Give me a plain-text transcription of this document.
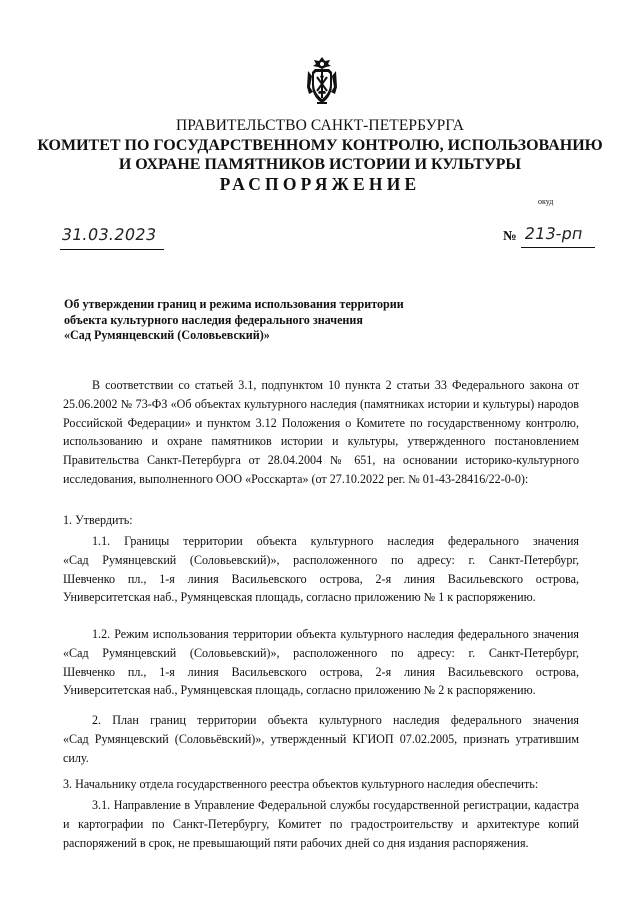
ПРАВИТЕЛЬСТВО САНКТ-ПЕТЕРБУРГА
КОМИТЕТ ПО ГОСУДАРСТВЕННОМУ КОНТРОЛЮ, ИСПОЛЬЗОВАНИЮ
И ОХРАНЕ ПАМЯТНИКОВ ИСТОРИИ И КУЛЬТУРЫ
РАСПОРЯЖЕНИЕ
окуд
31.03.2023	№ 213-рп
Об утверждении границ и режима использования территории
объекта культурного наследия федерального значения
«Сад Румянцевский (Соловьевский)»
В соответствии со статьей 3.1, подпунктом 10 пункта 2 статьи 33 Федерального закона от
25.06.2002 № 73-ФЗ «Об объектах культурного наследия (памятниках истории и культуры) народов
Российской Федерации» и пунктом 3.12 Положения о Комитете по государственному контролю,
использованию и охране памятников истории и культуры, утвержденного постановлением
Правительства Санкт-Петербурга от 28.04.2004 № 651, на основании историко-культурного
исследования, выполненного ООО «Росскарта» (от 27.10.2022 рег. № 01-43-28416/22-0-0):
1. Утвердить:
1.1. Границы территории объекта культурного наследия федерального значения
«Сад Румянцевский (Соловьевский)», расположенного по адресу: г. Санкт-Петербург,
Шевченко пл., 1-я линия Васильевского острова, 2-я линия Васильевского острова,
Университетская наб., Румянцевская площадь, согласно приложению № 1 к распоряжению.
1.2. Режим использования территории объекта культурного наследия федерального значения
«Сад Румянцевский (Соловьевский)», расположенного по адресу: г. Санкт-Петербург,
Шевченко пл., 1-я линия Васильевского острова, 2-я линия Васильевского острова,
Университетская наб., Румянцевская площадь, согласно приложению № 2 к распоряжению.
2. План границ территории объекта культурного наследия федерального значения
«Сад Румянцевский (Соловьёвский)», утвержденный КГИОП 07.02.2005, признать утратившим
силу.
3. Начальнику отдела государственного реестра объектов культурного наследия обеспечить:
3.1. Направление в Управление Федеральной службы государственной регистрации, кадастра
и картографии по Санкт-Петербургу, Комитет по градостроительству и архитектуре копий
распоряжений в срок, не превышающий пяти рабочих дней со дня издания распоряжения.
